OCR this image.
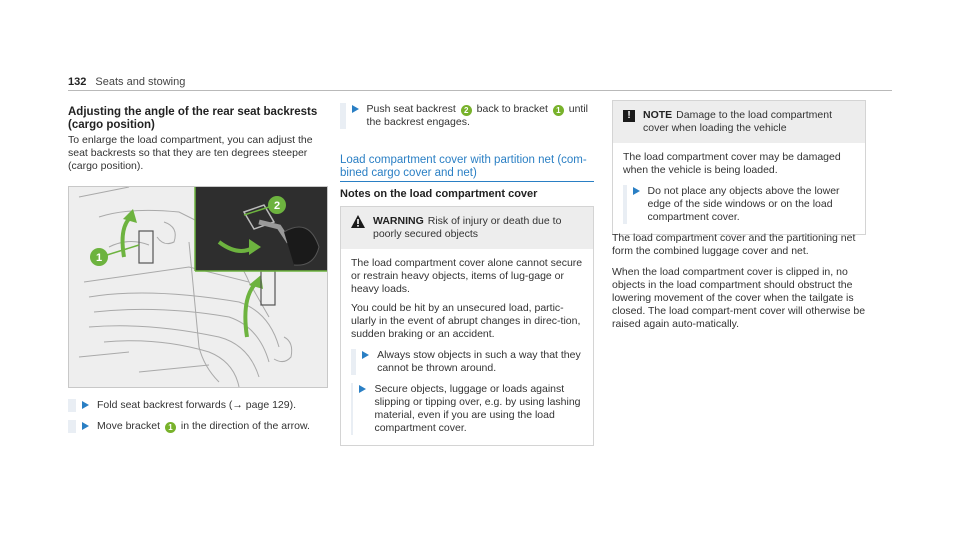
132 Seats and stowing
Adjusting the angle of the rear seat backrests (cargo position)
To enlarge the load compartment, you can adjust the seat backrests so that they are ten degrees steeper (cargo position).
1
2
Fold seat backrest forwards (→ page 129).
Move bracket 1 in the direction of the arrow.
Push seat backrest 2 back to bracket 1 until the backrest engages.
Load compartment cover with partition net (com-bined cargo cover and net)
Notes on the load compartment cover
WARNING Risk of injury or death due to poorly secured objects
The load compartment cover alone cannot secure or restrain heavy objects, items of lug-gage or heavy loads.
You could be hit by an unsecured load, partic-ularly in the event of abrupt changes in direc-tion, sudden braking or an accident.
Always stow objects in such a way that they cannot be thrown around.
Secure objects, luggage or loads against slipping or tipping over, e.g. by using lashing material, even if you are using the load compartment cover.
!	NOTE Damage to the load compartment cover when loading the vehicle
The load compartment cover may be damaged when the vehicle is being loaded.
Do not place any objects above the lower edge of the side windows or on the load compartment cover.
The load compartment cover and the partitioning net form the combined luggage cover and net.
When the load compartment cover is clipped in, no objects in the load compartment should obstruct the lowering movement of the cover when the tailgate is closed. The load compart-ment cover will otherwise be raised again auto-matically.
